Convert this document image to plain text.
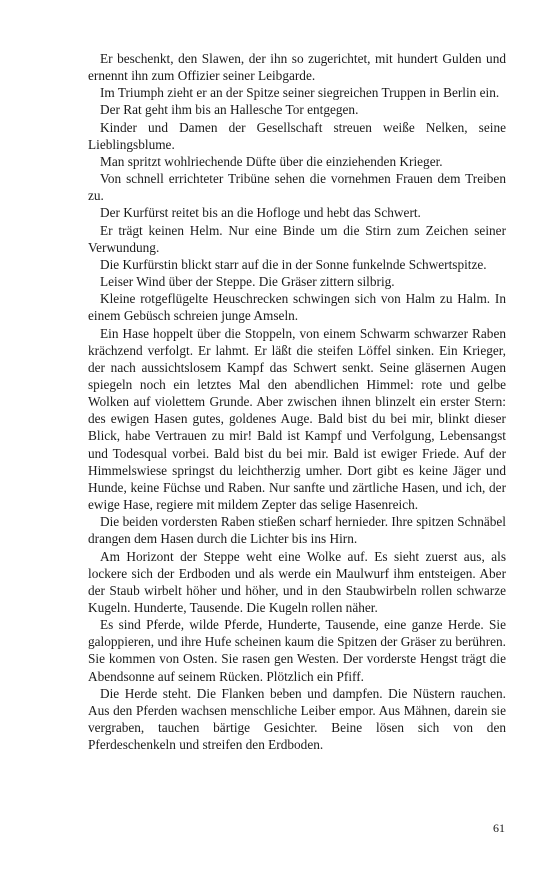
Er beschenkt, den Slawen, der ihn so zugerichtet, mit hundert Gulden und ernennt ihn zum Offizier seiner Leibgarde.

Im Triumph zieht er an der Spitze seiner siegreichen Truppen in Berlin ein.

Der Rat geht ihm bis an Hallesche Tor entgegen.

Kinder und Damen der Gesellschaft streuen weiße Nelken, seine Lieblingsblume.

Man spritzt wohlriechende Düfte über die einziehenden Krieger.

Von schnell errichteter Tribüne sehen die vornehmen Frauen dem Treiben zu.

Der Kurfürst reitet bis an die Hofloge und hebt das Schwert.

Er trägt keinen Helm. Nur eine Binde um die Stirn zum Zeichen seiner Verwundung.

Die Kurfürstin blickt starr auf die in der Sonne funkelnde Schwertspitze.

Leiser Wind über der Steppe. Die Gräser zittern silbrig.

Kleine rotgeflügelte Heuschrecken schwingen sich von Halm zu Halm. In einem Gebüsch schreien junge Amseln.

Ein Hase hoppelt über die Stoppeln, von einem Schwarm schwarzer Raben krächzend verfolgt. Er lahmt. Er läßt die steifen Löffel sinken. Ein Krieger, der nach aussichtslosem Kampf das Schwert senkt. Seine gläsernen Augen spiegeln noch ein letztes Mal den abendlichen Himmel: rote und gelbe Wolken auf violettem Grunde. Aber zwischen ihnen blinzelt ein erster Stern: des ewigen Hasen gutes, goldenes Auge. Bald bist du bei mir, blinkt dieser Blick, habe Vertrauen zu mir! Bald ist Kampf und Verfolgung, Lebensangst und Todesqual vorbei. Bald bist du bei mir. Bald ist ewiger Friede. Auf der Himmelswiese springst du leichtherzig umher. Dort gibt es keine Jäger und Hunde, keine Füchse und Raben. Nur sanfte und zärtliche Hasen, und ich, der ewige Hase, regiere mit mildem Zepter das selige Hasenreich.

Die beiden vordersten Raben stießen scharf hernieder. Ihre spitzen Schnäbel drangen dem Hasen durch die Lichter bis ins Hirn.

Am Horizont der Steppe weht eine Wolke auf. Es sieht zuerst aus, als lockere sich der Erdboden und als werde ein Maulwurf ihm entsteigen. Aber der Staub wirbelt höher und höher, und in den Staubwirbeln rollen schwarze Kugeln. Hunderte, Tausende. Die Kugeln rollen näher.

Es sind Pferde, wilde Pferde, Hunderte, Tausende, eine ganze Herde. Sie galoppieren, und ihre Hufe scheinen kaum die Spitzen der Gräser zu berühren. Sie kommen von Osten. Sie rasen gen Westen. Der vorderste Hengst trägt die Abendsonne auf seinem Rücken. Plötzlich ein Pfiff.

Die Herde steht. Die Flanken beben und dampfen. Die Nüstern rauchen. Aus den Pferden wachsen menschliche Leiber empor. Aus Mähnen, darein sie vergraben, tauchen bärtige Gesichter. Beine lösen sich von den Pferdeschenkeln und streifen den Erdboden.

61
